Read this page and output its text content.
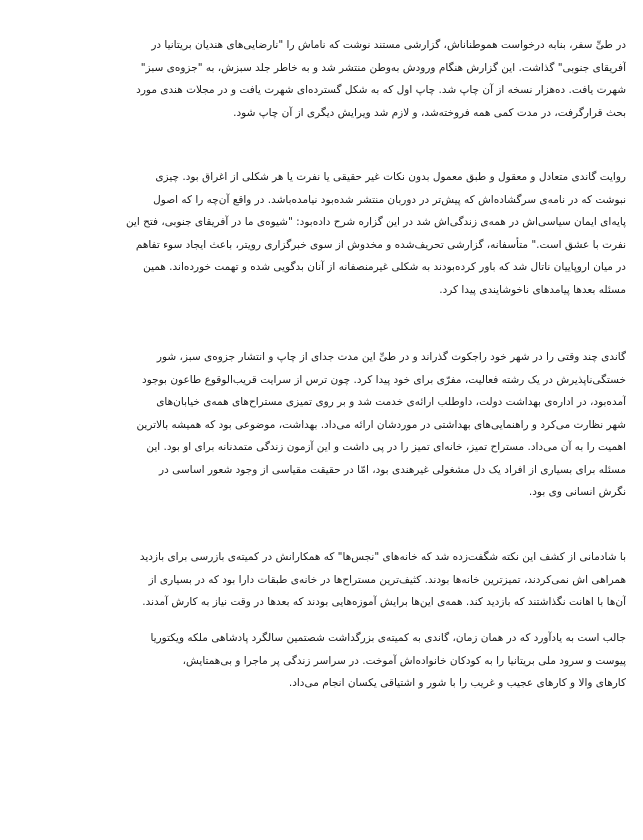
در طیِّ سفر، بنابه درخواست هموطناناش، گزارشی مستند نوشت که ناماش را "نارضایی‌های هندیان بریتانیا در
آفریقای جنوبی" گذاشت. این گزارش هنگام ورودش به‌وطن منتشر شد و به خاطر جلد سبزش، به "جزوه‌ی سبز"
شهرت یافت. ده‌هزار نسخه از آن چاپ شد. چاپ اول که به شکل گسترده‌ای شهرت یافت و در مجلات هندی مورد
بحث قرارگرفت، در مدت کمی همه فروخته‌شد، و لازم شد ویرایش دیگری از آن چاپ شود.
روایت گاندی متعادل و معقول و طبق معمول بدون نکات غیر حقیقی یا نفرت یا هر شکلی از اغراق بود. چیزی
نبوشت که در نامه‌ی سرگشاده‌اش که پیش‌تر در دوربان منتشر شده‌بود نیامده‌باشد. در واقع آن‌چه را که اصول
پایه‌ای ایمان سیاسی‌اش در همه‌ی زندگی‌اش شد در این گزاره شرح داده‌بود: "شیوه‌ی ما در آفریقای جنوبی، فتح این
نفرت با عشق است." متأسفانه، گزارشی تحریف‌شده و مخدوش از سوی خبرگزاری رویتر، باعث ایجاد سوء تفاهم
در میان اروپاییان ناتال شد که باور کرده‌بودند به شکلی غیرمنصفانه از آنان بدگویی شده و تهمت خورده‌اند. همین
مسئله بعدها پیامدهای ناخوشایندی پیدا کرد.
گاندی چند وقتی را در شهر خود راجکوت گذراند و در طیِّ این مدت جدای از چاپ و انتشار جزوه‌ی سبز، شور
خستگی‌ناپذیرش در یک رشته فعالیت، مفرّی برای خود پیدا کرد. چون ترس از سرایت قریب‌الوقوع طاعون بوجود
آمده‌بود، در اداره‌ی بهداشت دولت، داوطلب ارائه‌ی خدمت شد و بر روی تمیزی مستراح‌های همه‌ی خیابان‌های
شهر نظارت می‌کرد و راهنمایی‌های بهداشتی در موردشان ارائه می‌داد. بهداشت، موضوعی بود که همیشه بالاترین
اهمیت را به آن می‌داد. مستراح تمیز، خانه‌ای تمیز را در پی داشت و این آزمون زندگی متمدنانه برای او بود. این
مسئله برای بسیاری از افراد یک دل مشغولی غیرهندی بود، امّا در حقیقت مقیاسی از وجود شعور اساسی در
نگرش انسانی وی بود.
با شادمانی از کشف این نکته شگفت‌زده شد که خانه‌های "نجس‌ها" که همکارانش در کمیته‌ی بازرسی برای بازدید
همراهی اش نمی‌کردند، تمیزترین خانه‌ها بودند. کثیف‌ترین مستراح‌ها در خانه‌ی طبقات دارا بود که در بسیاری از
آن‌ها با اهانت نگذاشتند که بازدید کند. همه‌ی این‌ها برایش آموزه‌هایی بودند که بعدها در وقت نیاز به کارش آمدند.
جالب است به یادآورد که در همان زمان، گاندی به کمیته‌ی بزرگداشت شصتمین سالگرد پادشاهی ملکه ویکتوریا
پیوست و سرود ملی بریتانیا را به کودکان خانواده‌اش آموخت. در سراسر زندگی پر ماجرا و بی‌همتایش،
کارهای والا و کارهای عجیب و غریب را با شور و اشتیاقی یکسان انجام می‌داد.
